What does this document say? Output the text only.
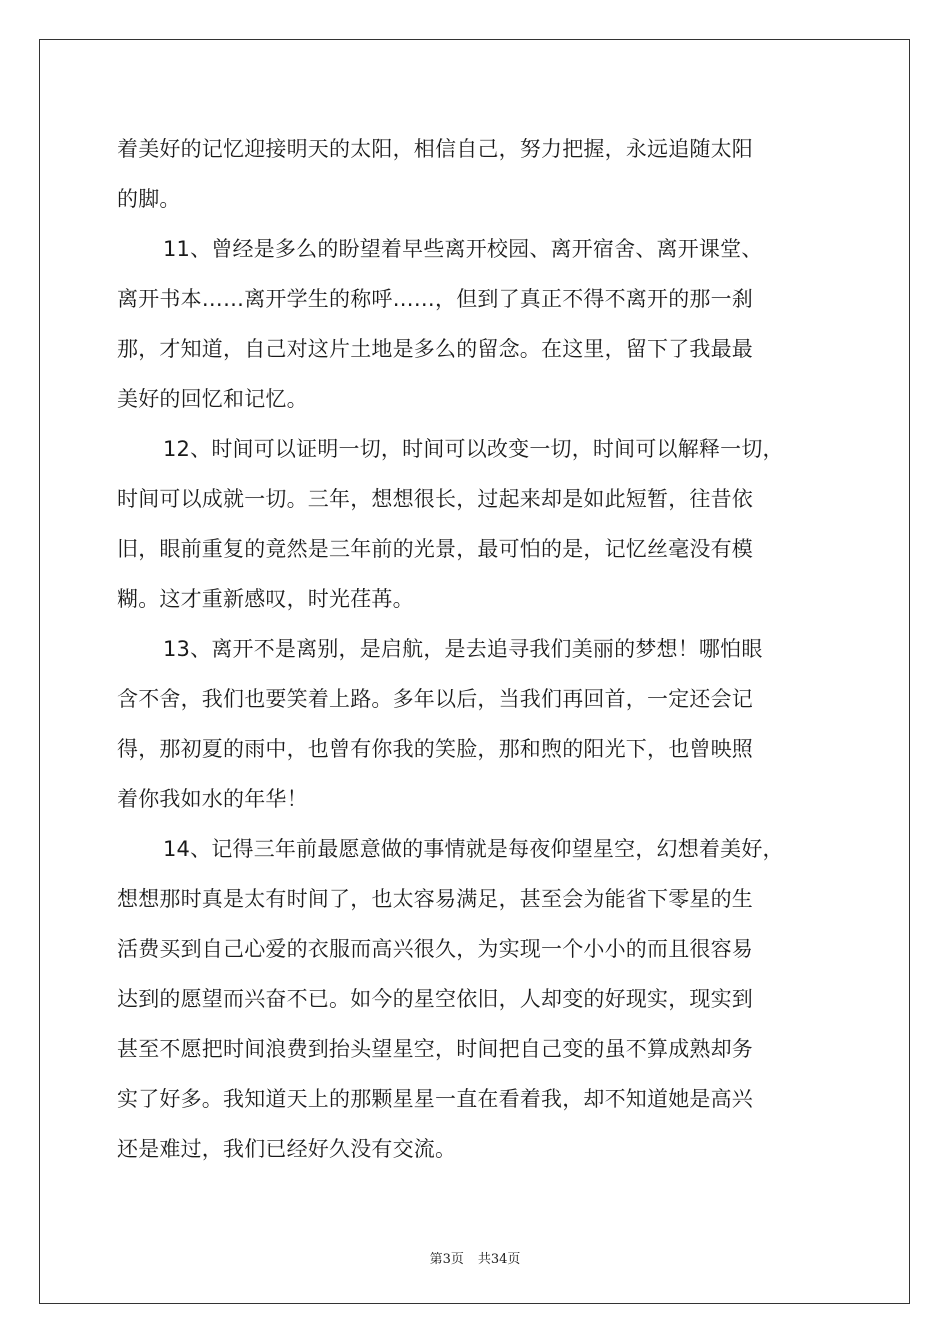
着美好的记忆迎接明天的太阳，相信自己，努力把握，永远追随太阳
的脚。
11、曾经是多么的盼望着早些离开校园、离开宿舍、离开课堂、
离开书本……离开学生的称呼……，但到了真正不得不离开的那一刹
那，才知道，自己对这片土地是多么的留念。在这里，留下了我最最
美好的回忆和记忆。
12、时间可以证明一切，时间可以改变一切，时间可以解释一切，
时间可以成就一切。三年，想想很长，过起来却是如此短暂，往昔依
旧，眼前重复的竟然是三年前的光景，最可怕的是，记忆丝毫没有模
糊。这才重新感叹，时光荏苒。
13、离开不是离别，是启航，是去追寻我们美丽的梦想！哪怕眼
含不舍，我们也要笑着上路。多年以后，当我们再回首，一定还会记
得，那初夏的雨中，也曾有你我的笑脸，那和煦的阳光下，也曾映照
着你我如水的年华！
14、记得三年前最愿意做的事情就是每夜仰望星空，幻想着美好，
想想那时真是太有时间了，也太容易满足，甚至会为能省下零星的生
活费买到自己心爱的衣服而高兴很久，为实现一个小小的而且很容易
达到的愿望而兴奋不已。如今的星空依旧，人却变的好现实，现实到
甚至不愿把时间浪费到抬头望星空，时间把自己变的虽不算成熟却务
实了好多。我知道天上的那颗星星一直在看着我，却不知道她是高兴
还是难过，我们已经好久没有交流。
第3页 共34页
